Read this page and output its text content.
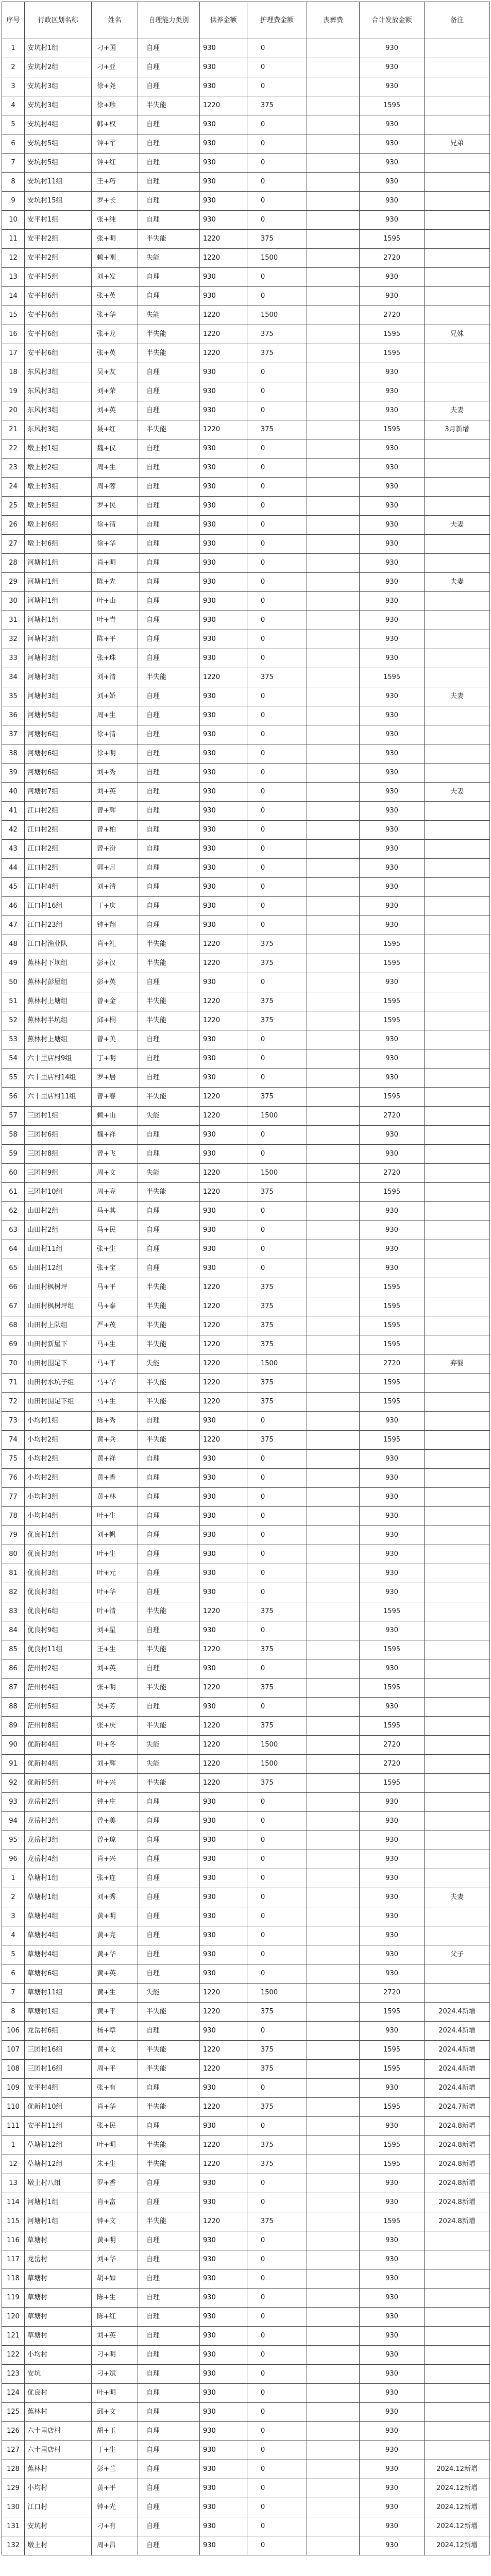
序号	行政区划名称	姓名	自理能力类别	供养金额	护理费金额	丧葬费	合计发放金额	备注
1	安坑村1组	刁+国	自理	930	0		930	
2	安坑村2组	刁+亚	自理	930	0		930	
3	安坑村3组	徐+尧	自理	930	0		930	
4	安坑村3组	徐+珍	半失能	1220	375		1595	
5	安坑村4组	韩+权	自理	930	0		930	
6	安坑村5组	钟+军	自理	930	0		930	兄弟
7	安坑村5组	钟+红	自理	930	0		930	
8	安坑村11组	王+巧	自理	930	0		930	
9	安坑村15组	罗+长	自理	930	0		930	
10	安平村1组	张+纯	自理	930	0		930	
11	安平村2组	张+明	半失能	1220	375		1595	
12	安平村2组	赖+刚	失能	1220	1500		2720	
13	安平村5组	刘+发	自理	930	0		930	
14	安平村6组	张+英	自理	930	0		930	
15	安平村6组	张+华	失能	1220	1500		2720	
16	安平村6组	张+龙	半失能	1220	375		1595	兄妹
17	安平村6组	张+英	半失能	1220	375		1595	
18	东风村3组	吴+友	自理	930	0		930	
19	东风村3组	刘+荣	自理	930	0		930	
20	东风村3组	刘+英	自理	930	0		930	夫妻
21	东风村3组	聂+红	半失能	1220	375		1595	3月新增
22	墩上村1组	魏+仪	自理	930	0		930	
23	墩上村2组	周+生	自理	930	0		930	
24	墩上村3组	周+蓉	自理	930	0		930	
25	墩上村5组	罗+民	自理	930	0		930	
26	墩上村6组	徐+清	自理	930	0		930	夫妻
27	墩上村6组	徐+华	自理	930	0		930	
28	河塘村1组	肖+明	自理	930	0		930	
29	河塘村1组	陈+先	自理	930	0		930	夫妻
30	河塘村1组	叶+山	自理	930	0		930	
31	河塘村1组	叶+青	自理	930	0		930	
32	河塘村3组	陈+平	自理	930	0		930	
33	河塘村3组	张+珠	自理	930	0		930	
34	河塘村3组	刘+清	半失能	1220	375		1595	
35	河塘村3组	刘+娇	自理	930	0		930	夫妻
36	河塘村5组	周+生	自理	930	0		930	
37	河塘村6组	徐+清	自理	930	0		930	
38	河塘村6组	徐+明	自理	930	0		930	
39	河塘村6组	刘+秀	自理	930	0		930	
40	河塘村7组	刘+英	自理	930	0		930	夫妻
41	江口村2组	曾+辉	自理	930	0		930	
42	江口村2组	曾+柏	自理	930	0		930	
43	江口村2组	曾+汾	自理	930	0		930	
44	江口村2组	郭+月	自理	930	0		930	
45	江口村4组	刘+清	自理	930	0		930	
46	江口村16组	丁+庆	自理	930	0		930	
47	江口村23组	钟+翔	自理	930	0		930	
48	江口村渔业队	肖+礼	半失能	1220	375		1595	
49	蕉林村下坝组	彭+汉	半失能	1220	375		1595	
50	蕉林村彭屋组	彭+英	自理	930	0		930	
51	蕉林村上塘组	曾+金	半失能	1220	375		1595	
52	蕉林村半坑组	邱+桐	半失能	1220	375		1595	
53	蕉林村上塘组	曾+美	自理	930	0		930	
54	六十里店村9组	丁+明	自理	930	0		930	
55	六十里店村14组	罗+居	自理	930	0		930	
56	六十里店村11组	曾+春	半失能	1220	375		1595	
57	三团村1组	赖+山	失能	1220	1500		2720	
58	三团村6组	魏+祥	自理	930	0		930	
59	三团村8组	曾+飞	自理	930	0		930	
60	三团村9组	周+文	失能	1220	1500		2720	
61	三团村10组	周+亮	半失能	1220	375		1595	
62	山田村2组	马+其	自理	930	0		930	
63	山田村2组	马+民	自理	930	0		930	
64	山田村11组	张+生	自理	930	0		930	
65	山田村12组	张+宝	自理	930	0		930	
66	山田村枫树坪	马+平	半失能	1220	375		1595	
67	山田村枫树坪组	马+泰	半失能	1220	375		1595	
68	山田村上队组	严+茂	半失能	1220	375		1595	
69	山田村新屋下	马+生	半失能	1220	375		1595	
70	山田村围足下	马+平	失能	1220	1500		2720	弃婴
71	山田村水坑子组	马+华	半失能	1220	375		1595	
72	山田村围足下组	马+生	半失能	1220	375		1595	
73	小均村1组	陈+秀	自理	930	0		930	
74	小均村2组	黄+兵	半失能	1220	375		1595	
75	小均村2组	黄+祥	自理	930	0		930	
76	小均村2组	黄+香	自理	930	0		930	
77	小均村3组	黄+林	自理	930	0		930	
78	小均村4组	叶+生	自理	930	0		930	
79	优良村1组	刘+帆	自理	930	0		930	
80	优良村3组	叶+生	自理	930	0		930	
81	优良村3组	叶+元	自理	930	0		930	
82	优良村3组	叶+华	自理	930	0		930	
83	优良村6组	叶+清	半失能	1220	375		1595	
84	优良村9组	刘+星	自理	930	0		930	
85	优良村11组	王+生	半失能	1220	375		1595	
86	茫州村2组	刘+英	自理	930	0		930	
87	茫州村4组	张+明	半失能	1220	375		1595	
88	茫州村5组	吴+芳	自理	930	0		930	
89	茫州村8组	张+庆	半失能	1220	375		1595	
90	优新村4组	叶+冬	失能	1220	1500		2720	
91	优新村4组	刘+辉	失能	1220	1500		2720	
92	优新村5组	叶+兴	半失能	1220	375		1595	
93	龙岳村2组	钟+庄	自理	930	0		930	
94	龙岳村3组	曾+美	自理	930	0		930	
95	龙岳村3组	曾+琼	自理	930	0		930	
96	龙岳村4组	肖+兴	自理	930	0		930	
1	草塘村1组	张+连	自理	930	0		930	
2	草塘村1组	刘+秀	自理	930	0		930	夫妻
3	草塘村4组	黄+明	自理	930	0		930	
4	草塘村4组	黄+亮	自理	930	0		930	
5	草塘村4组	黄+华	自理	930	0		930	父子
6	草塘村6组	黄+英	自理	930	0		930	
7	草塘村11组	黄+生	失能	1220	1500		2720	
8	草塘村1组	黄+平	半失能	1220	375		1595	2024.4新增
106	龙岳村6组	杨+章	自理	930	0		930	2024.4新增
107	三团村16组	黄+文	半失能	1220	375		1595	2024.4新增
108	三团村16组	周+平	半失能	1220	375		1595	2024.4新增
109	安平村4组	张+有	自理	930	0		930	2024.4新增
110	优新村10组	肖+华	半失能	1220	375		1595	2024.7新增
111	安平村11组	张+民	自理	930	0		930	2024.8新增
1	草塘村12组	叶+明	半失能	1220	375		1595	2024.8新增
12	草塘村12组	朱+生	半失能	1220	375		1595	2024.8新增
13	墩上村八组	罗+香	自理	930	0		930	2024.8新增
114	河塘村1组	肖+富	自理	930	0		930	2024.8新增
115	河塘村1组	钟+文	半失能	1220	375		1595	2024.8新增
116	草塘村	黄+明	自理	930	0		930	
117	龙岳村	刘+华	自理	930	0		930	
118	草塘村	胡+如	自理	930	0		930	
119	草塘村	陈+生	自理	930	0		930	
120	草塘村	陈+红	自理	930	0		930	
121	草塘村	刘+英	自理	930	0		930	
122	小均村	刁+明	自理	930	0		930	
123	安坑	刁+斌	自理	930	0		930	
124	优良村	叶+明	自理	930	0		930	
125	蕉林村	邱+文	自理	930	0		930	
126	六十里店村	胡+玉	自理	930	0		930	
127	六十里店村	丁+生	自理	930	0		930	
128	蕉林村	彭+兰	自理	930	0		930	2024.12新增
129	小均村	黄+平	自理	930	0		930	2024.12新增
130	江口村	钟+光	自理	930	0		930	2024.12新增
131	安坑村	刁+有	自理	930	0		930	2024.12新增
132	墩上村	周+昌	自理	930	0		930	2024.12新增
